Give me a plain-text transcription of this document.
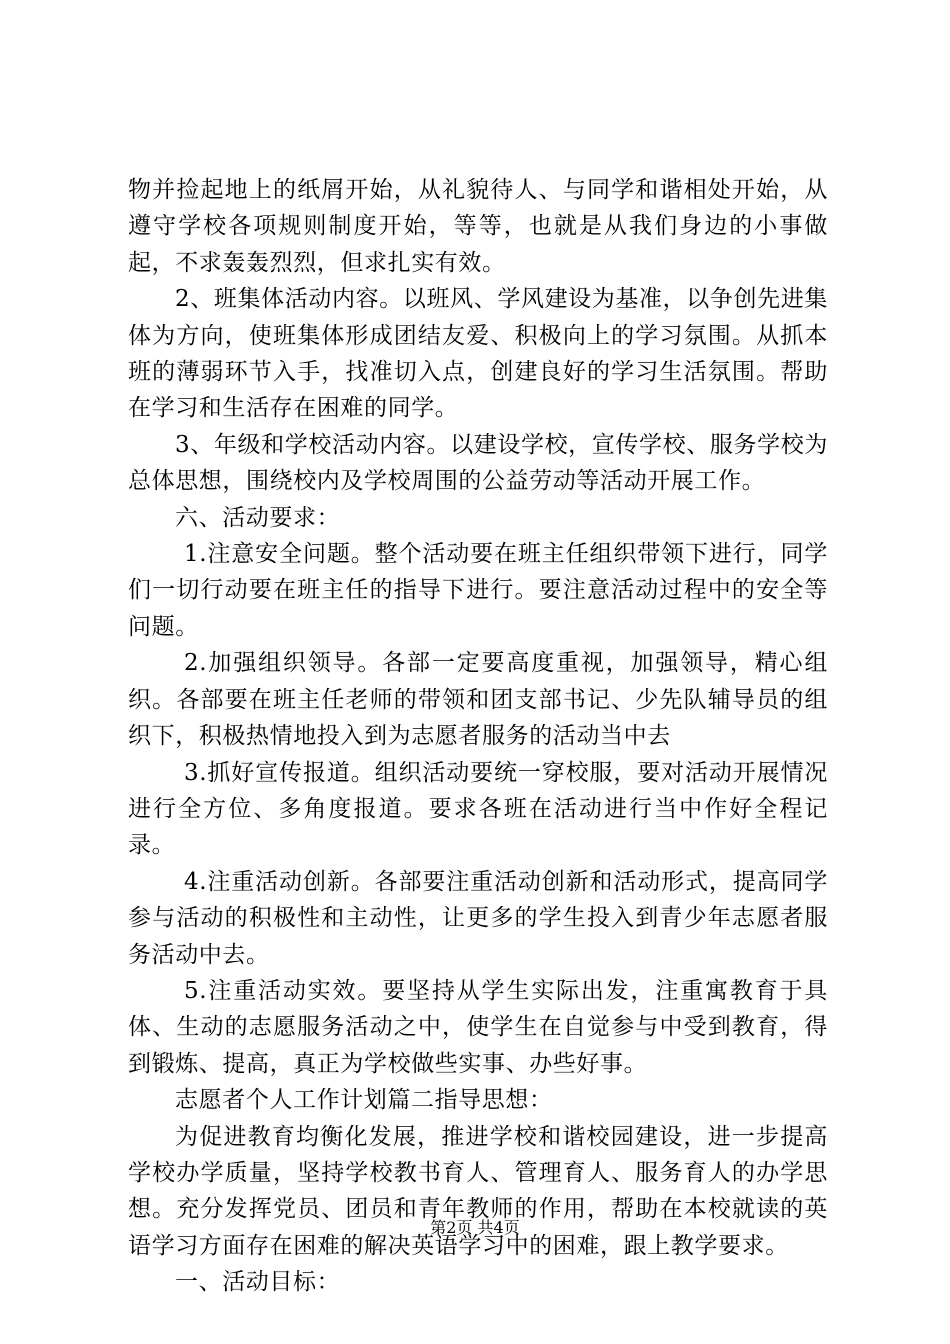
物并捡起地上的纸屑开始，从礼貌待人、与同学和谐相处开始，从遵守学校各项规则制度开始，等等，也就是从我们身边的小事做起，不求轰轰烈烈，但求扎实有效。

2、班集体活动内容。以班风、学风建设为基准，以争创先进集体为方向，使班集体形成团结友爱、积极向上的学习氛围。从抓本班的薄弱环节入手，找准切入点，创建良好的学习生活氛围。帮助在学习和生活存在困难的同学。

3、年级和学校活动内容。以建设学校，宣传学校、服务学校为总体思想，围绕校内及学校周围的公益劳动等活动开展工作。

六、活动要求：

1.注意安全问题。整个活动要在班主任组织带领下进行，同学们一切行动要在班主任的指导下进行。要注意活动过程中的安全等问题。

2.加强组织领导。各部一定要高度重视，加强领导，精心组织。各部要在班主任老师的带领和团支部书记、少先队辅导员的组织下，积极热情地投入到为志愿者服务的活动当中去

3.抓好宣传报道。组织活动要统一穿校服，要对活动开展情况进行全方位、多角度报道。要求各班在活动进行当中作好全程记录。

4.注重活动创新。各部要注重活动创新和活动形式，提高同学参与活动的积极性和主动性，让更多的学生投入到青少年志愿者服务活动中去。

5.注重活动实效。要坚持从学生实际出发，注重寓教育于具体、生动的志愿服务活动之中，使学生在自觉参与中受到教育，得到锻炼、提高，真正为学校做些实事、办些好事。

志愿者个人工作计划篇二指导思想：

为促进教育均衡化发展，推进学校和谐校园建设，进一步提高学校办学质量，坚持学校教书育人、管理育人、服务育人的办学思想。充分发挥党员、团员和青年教师的作用，帮助在本校就读的英语学习方面存在困难的解决英语学习中的困难，跟上教学要求。

一、活动目标：

第2页 共4页
